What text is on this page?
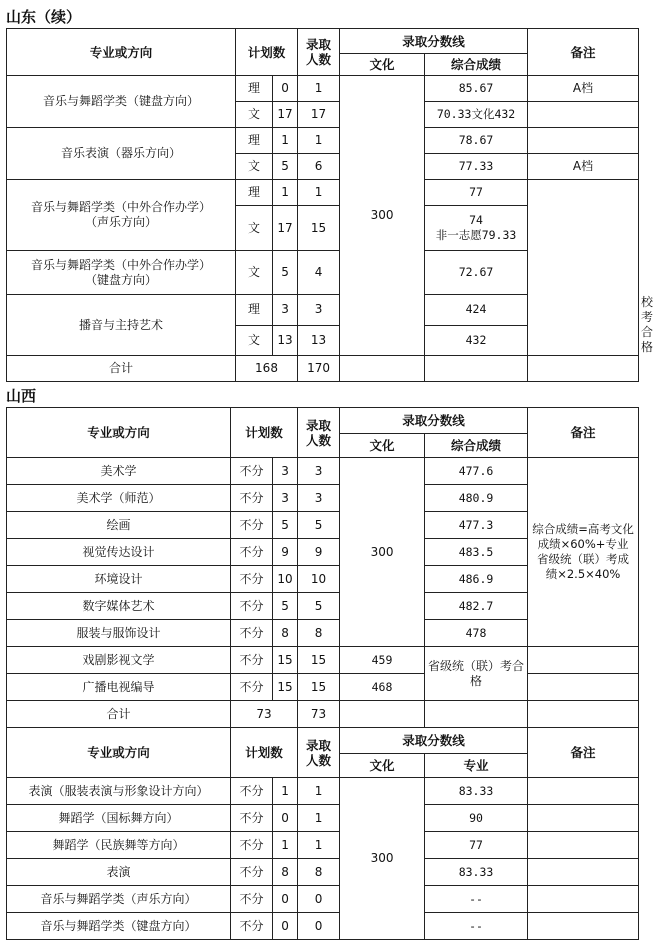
山东（续）
专业或方向	计划数		录取人数	录取分数线		备注	
				文化	综合成绩		
音乐与舞蹈学类（键盘方向）	理	0	1	300	85.67	A档	
	文	17	17		70.33文化432		
音乐表演（器乐方向）	理	1	1		78.67		
	文	5	6		77.33	A档	
音乐与舞蹈学类（中外合作办学）
（声乐方向）	理	1	1		77		
	文	17	15		74
非一志愿79.33		
音乐与舞蹈学类（中外合作办学）
（键盘方向）	文	5	4		72.67		
播音与主持艺术	理	3	3		424		校考合格
	文	13	13		432		
合计	168		170				
山西
专业或方向	计划数		录取人数	录取分数线		备注
				文化	综合成绩	
美术学	不分	3	3	300	477.6	综合成绩=高考文化成绩×60%+专业省级统（联）考成绩×2.5×40%
美术学（师范）	不分	3	3		480.9	
绘画	不分	5	5		477.3	
视觉传达设计	不分	9	9		483.5	
环境设计	不分	10	10		486.9	
数字媒体艺术	不分	5	5		482.7	
服装与服饰设计	不分	8	8		478	
戏剧影视文学	不分	15	15	459	省级统（联）考合格	
广播电视编导	不分	15	15	468		
合计	73		73			
专业或方向	计划数		录取人数	录取分数线		备注
				文化	专业	
表演（服装表演与形象设计方向）	不分	1	1	300	83.33	
舞蹈学（国标舞方向）	不分	0	1		90	
舞蹈学（民族舞等方向）	不分	1	1		77	
表演	不分	8	8		83.33	
音乐与舞蹈学类（声乐方向）	不分	0	0		--	
音乐与舞蹈学类（键盘方向）	不分	0	0		--	
